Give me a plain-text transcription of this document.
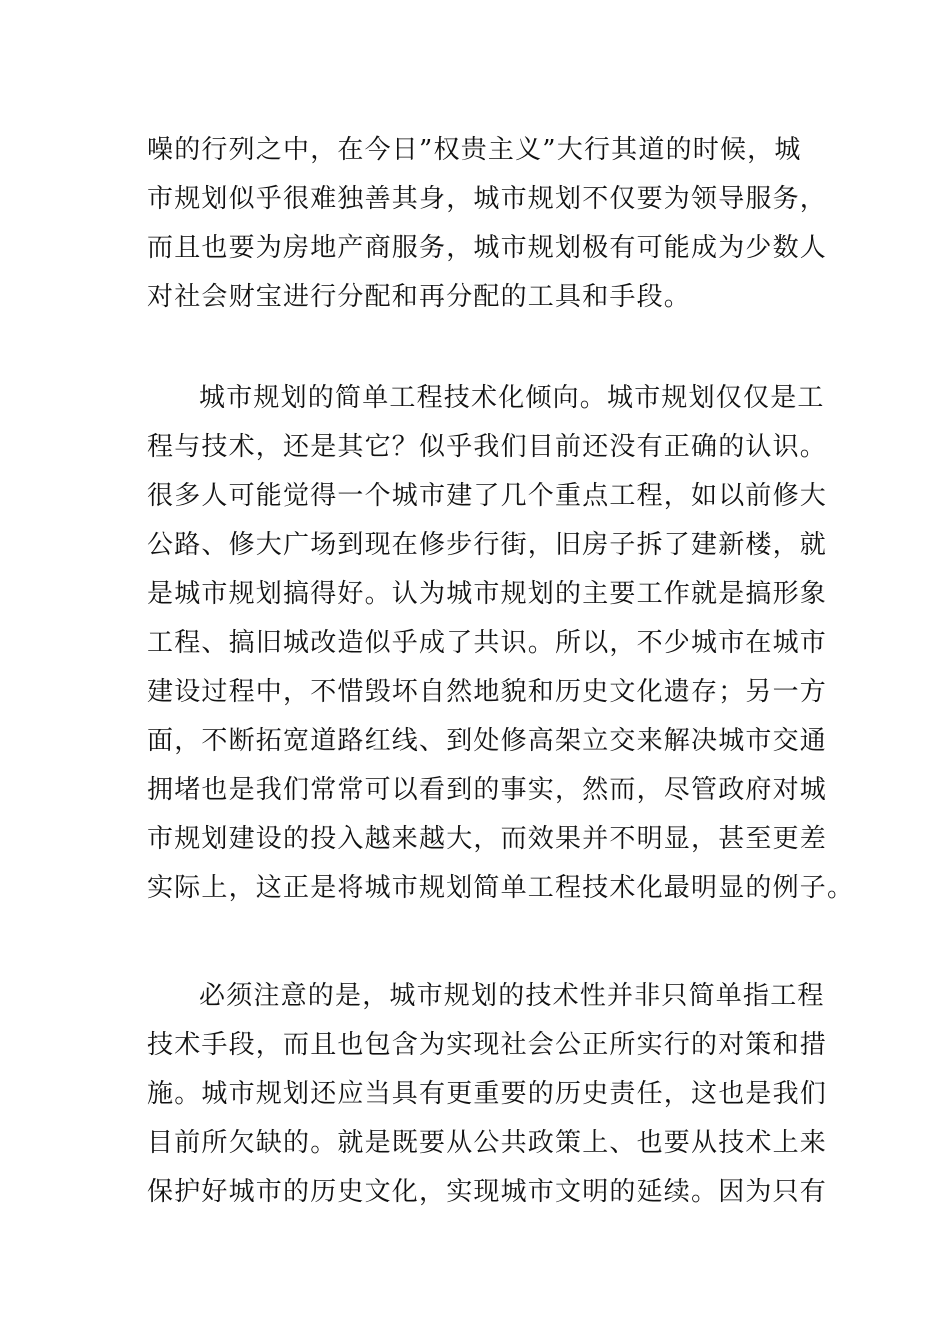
噪的行列之中，在今日”权贵主义”大行其道的时候，城
市规划似乎很难独善其身，城市规划不仅要为领导服务，
而且也要为房地产商服务，城市规划极有可能成为少数人
对社会财宝进行分配和再分配的工具和手段。
城市规划的简单工程技术化倾向。城市规划仅仅是工
程与技术，还是其它？似乎我们目前还没有正确的认识。
很多人可能觉得一个城市建了几个重点工程，如以前修大
公路、修大广场到现在修步行街，旧房子拆了建新楼，就
是城市规划搞得好。认为城市规划的主要工作就是搞形象
工程、搞旧城改造似乎成了共识。所以，不少城市在城市
建设过程中，不惜毁坏自然地貌和历史文化遗存；另一方
面，不断拓宽道路红线、到处修高架立交来解决城市交通
拥堵也是我们常常可以看到的事实，然而，尽管政府对城
市规划建设的投入越来越大，而效果并不明显，甚至更差
实际上，这正是将城市规划简单工程技术化最明显的例子。
必须注意的是，城市规划的技术性并非只简单指工程
技术手段，而且也包含为实现社会公正所实行的对策和措
施。城市规划还应当具有更重要的历史责任，这也是我们
目前所欠缺的。就是既要从公共政策上、也要从技术上来
保护好城市的历史文化，实现城市文明的延续。因为只有
